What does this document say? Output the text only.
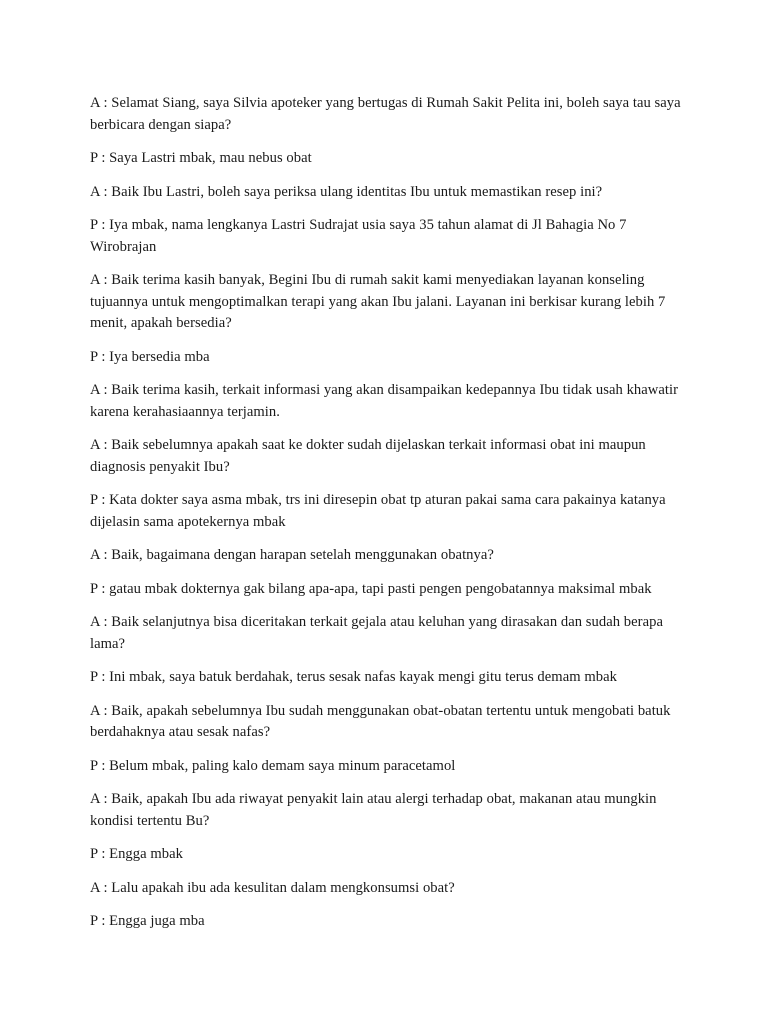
A : Selamat Siang, saya Silvia apoteker yang bertugas di Rumah Sakit Pelita ini, boleh saya tau saya berbicara dengan siapa?

P : Saya Lastri mbak, mau nebus obat

A : Baik Ibu Lastri, boleh saya periksa ulang identitas Ibu untuk memastikan resep ini?

P : Iya mbak, nama lengkanya Lastri Sudrajat usia saya 35 tahun alamat di Jl Bahagia No 7 Wirobrajan

A : Baik terima kasih banyak, Begini Ibu di rumah sakit kami menyediakan layanan konseling tujuannya untuk mengoptimalkan terapi yang akan Ibu jalani. Layanan ini berkisar kurang lebih 7 menit, apakah bersedia?

P : Iya bersedia mba

A : Baik terima kasih, terkait informasi yang akan disampaikan kedepannya Ibu tidak usah khawatir karena kerahasiaannya terjamin.

A : Baik sebelumnya apakah saat ke dokter sudah dijelaskan terkait informasi obat ini maupun diagnosis penyakit Ibu?

P : Kata dokter saya asma mbak, trs ini diresepin obat tp aturan pakai sama cara pakainya katanya dijelasin sama apotekernya mbak

A : Baik, bagaimana dengan harapan setelah menggunakan obatnya?

P : gatau mbak dokternya gak bilang apa-apa, tapi pasti pengen pengobatannya maksimal mbak

A : Baik selanjutnya bisa diceritakan terkait gejala atau keluhan yang dirasakan dan sudah berapa lama?

P : Ini mbak, saya batuk berdahak, terus sesak nafas kayak mengi gitu terus demam mbak

A : Baik, apakah sebelumnya Ibu sudah menggunakan obat-obatan tertentu untuk mengobati batuk berdahaknya atau sesak nafas?

P : Belum mbak, paling kalo demam saya minum paracetamol

A : Baik, apakah Ibu ada riwayat penyakit lain atau alergi terhadap obat, makanan atau mungkin kondisi tertentu Bu?

P : Engga mbak

A : Lalu apakah ibu ada kesulitan dalam mengkonsumsi obat?

P : Engga juga mba
